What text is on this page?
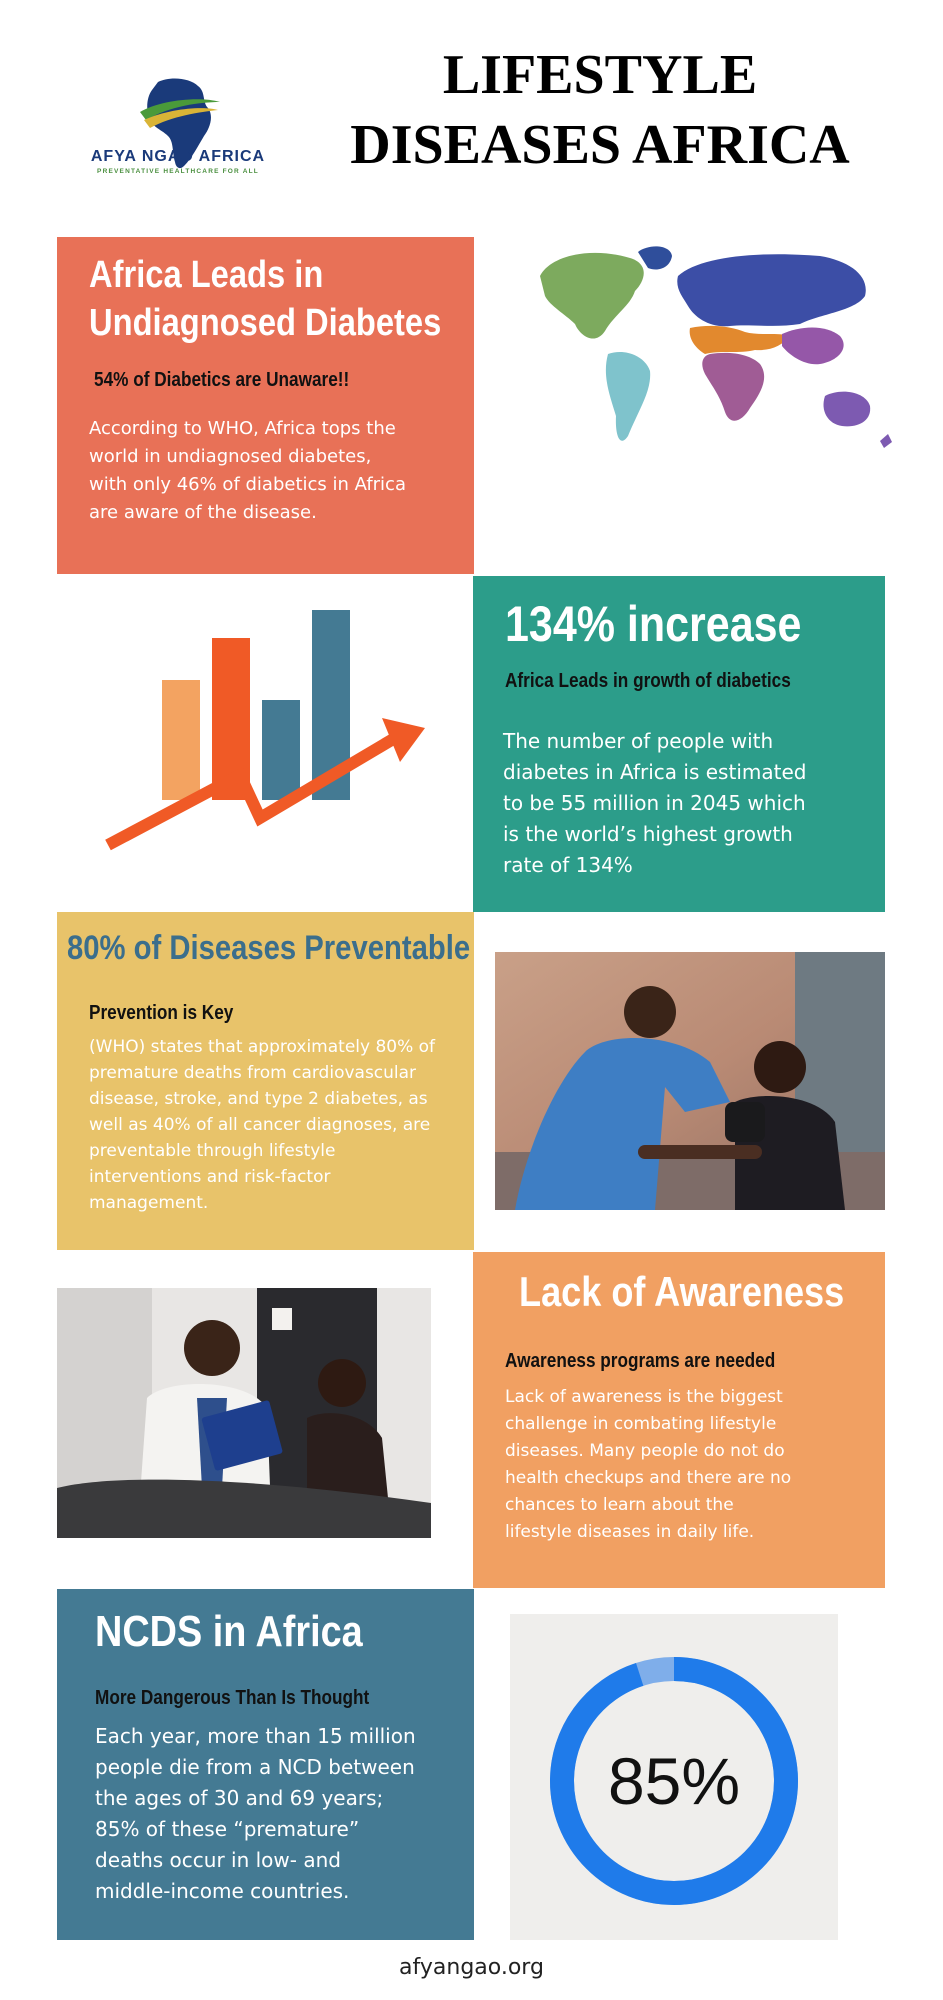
LIFESTYLE
DISEASES AFRICA
AFYA NGAO AFRICA
PREVENTATIVE HEALTHCARE FOR ALL
Africa Leads in
Undiagnosed Diabetes
54% of Diabetics are Unaware!!
According to WHO, Africa tops the
world in undiagnosed diabetes,
with only 46% of diabetics in Africa
are aware of the disease.
134% increase
Africa Leads in growth of diabetics
The number of people with
diabetes in Africa is estimated
to be 55 million in 2045 which
is the world’s highest growth
rate of 134%
80% of Diseases Preventable
Prevention is Key
(WHO) states that approximately 80% of
premature deaths from cardiovascular
disease, stroke, and type 2 diabetes, as
well as 40% of all cancer diagnoses, are
preventable through lifestyle
interventions and risk-factor
management.
Lack of Awareness
Awareness programs are needed
Lack of awareness is the biggest
challenge in combating lifestyle
diseases. Many people do not do
health checkups and there are no
chances to learn about the
lifestyle diseases in daily life.
NCDS in Africa
More Dangerous Than Is Thought
Each year, more than 15 million
people die from a NCD between
the ages of 30 and 69 years;
85% of these “premature”
deaths occur in low- and
middle-income countries.
85%
afyangao.org
